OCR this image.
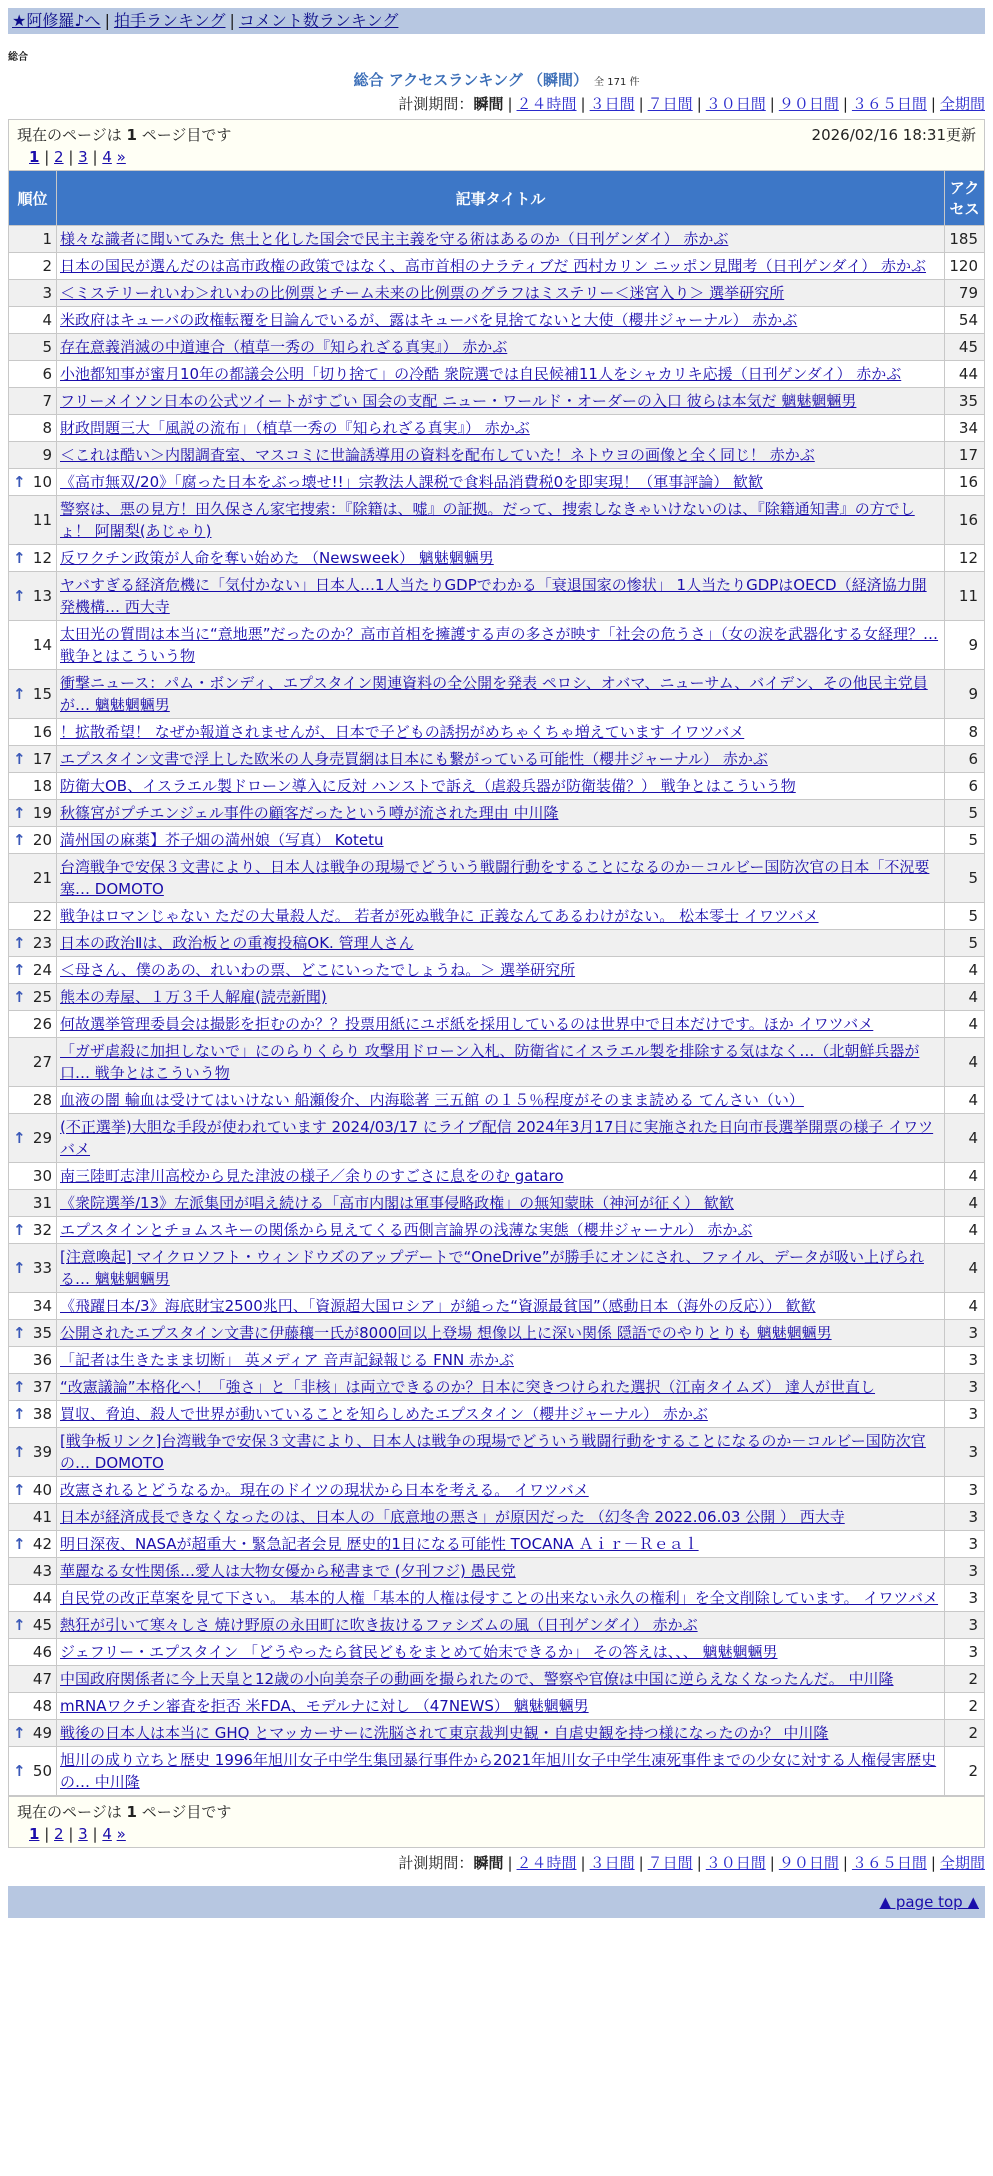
★阿修羅♪へ | 拍手ランキング | コメント数ランキング
総合
総合 アクセスランキング （瞬間） 全 171 件
計測期間：瞬間 | ２４時間 | ３日間 | ７日間 | ３０日間 | ９０日間 | ３６５日間 | 全期間
現在のページは 1 ページ目です	2026/02/16 18:31更新
1 | 2 | 3 | 4 »
順位	記事タイトル	アクセス
1	様々な識者に聞いてみた 焦土と化した国会で民主主義を守る術はあるのか（日刊ゲンダイ） 赤かぶ	185
2	日本の国民が選んだのは高市政権の政策ではなく、高市首相のナラティブだ 西村カリン ニッポン見聞考（日刊ゲンダイ） 赤かぶ	120
3	＜ミステリーれいわ＞れいわの比例票とチーム未来の比例票のグラフはミステリー＜迷宮入り＞ 選挙研究所	79
4	米政府はキューバの政権転覆を目論んでいるが、露はキューバを見捨てないと大使（櫻井ジャーナル） 赤かぶ	54
5	存在意義消滅の中道連合（植草一秀の『知られざる真実』） 赤かぶ	45
6	小池都知事が蜜月10年の都議会公明「切り捨て」の冷酷 衆院選では自民候補11人をシャカリキ応援（日刊ゲンダイ） 赤かぶ	44
7	フリーメイソン日本の公式ツイートがすごい 国会の支配 ニュー・ワールド・オーダーの入口 彼らは本気だ 魑魅魍魎男	35
8	財政問題三大「風説の流布」（植草一秀の『知られざる真実』） 赤かぶ	34
9	＜これは酷い＞内閣調査室、マスコミに世論誘導用の資料を配布していた！ネトウヨの画像と全く同じ！ 赤かぶ	17

↑ 10	《高市無双/20》「腐った日本をぶっ壊せ!!」宗教法人課税で食料品消費税0を即実現！（軍事評論） 歓歓	16
11	警察は、悪の見方！田久保さん家宅捜索：『除籍は、嘘』の証拠。だって、捜索しなきゃいけないのは、『除籍通知書』の方でしょ！ 阿闍梨(あじゃり)	16

↑ 12	反ワクチン政策が人命を奪い始めた （Newsweek） 魑魅魍魎男	12

↑ 13	ヤバすぎる経済危機に「気付かない」日本人…1人当たりGDPでわかる「衰退国家の惨状」 1人当たりGDPはOECD（経済協力開発機構… 西大寺	11
14	太田光の質問は本当に“意地悪”だったのか？高市首相を擁護する声の多さが映す「社会の危うさ」（女の涙を武器化する女経理？… 戦争とはこういう物	9

↑ 15	衝撃ニュース：パム・ボンディ、エプスタイン関連資料の全公開を発表 ペロシ、オバマ、ニューサム、バイデン、その他民主党員が… 魑魅魍魎男	9
16	！拡散希望！ なぜか報道されませんが、日本で子どもの誘拐がめちゃくちゃ増えています イワツバメ	8

↑ 17	エプスタイン文書で浮上した欧米の人身売買網は日本にも繋がっている可能性（櫻井ジャーナル） 赤かぶ	6
18	防衛大OB、イスラエル製ドローン導入に反対 ハンストで訴え（虐殺兵器が防衛装備？） 戦争とはこういう物	6

↑ 19	秋篠宮がプチエンジェル事件の顧客だったという噂が流された理由 中川隆	5

↑ 20	満州国の麻薬】芥子畑の満州娘（写真） Kotetu	5
21	台湾戦争で安保３文書により、日本人は戦争の現場でどういう戦闘行動をすることになるのか－コルビー国防次官の日本「不況要塞… DOMOTO	5
22	戦争はロマンじゃない ただの大量殺人だ。 若者が死ぬ戦争に 正義なんてあるわけがない。 松本零士 イワツバメ	5

↑ 23	日本の政治Ⅱは、政治板との重複投稿OK. 管理人さん	5

↑ 24	＜母さん、僕のあの、れいわの票、どこにいったでしょうね。＞ 選挙研究所	4

↑ 25	熊本の寿屋、１万３千人解雇(読売新聞)	4
26	何故選挙管理委員会は撮影を拒むのか？？投票用紙にユポ紙を採用しているのは世界中で日本だけです。ほか イワツバメ	4
27	「ガザ虐殺に加担しないで」にのらりくらり 攻撃用ドローン入札、防衛省にイスラエル製を排除する気はなく…（北朝鮮兵器が口… 戦争とはこういう物	4
28	血液の闇 輸血は受けてはいけない 船瀬俊介、内海聡著 三五館 の１５％程度がそのまま読める てんさい（い）	4

↑ 29	(不正選挙)大胆な手段が使われています 2024/03/17 にライブ配信 2024年3月17日に実施された日向市長選挙開票の様子 イワツバメ	4
30	南三陸町志津川高校から見た津波の様子／余りのすごさに息をのむ gataro	4
31	《衆院選挙/13》左派集団が唱え続ける「高市内閣は軍事侵略政権」の無知蒙昧（神河が征く） 歓歓	4

↑ 32	エプスタインとチョムスキーの関係から見えてくる西側言論界の浅薄な実態（櫻井ジャーナル） 赤かぶ	4

↑ 33	[注意喚起] マイクロソフト・ウィンドウズのアップデートで“OneDrive”が勝手にオンにされ、ファイル、データが吸い上げられる… 魑魅魍魎男	4
34	《飛躍日本/3》海底財宝2500兆円、「資源超大国ロシア」が縋った“資源最貧国”（感動日本（海外の反応）） 歓歓	4

↑ 35	公開されたエプスタイン文書に伊藤穰一氏が8000回以上登場 想像以上に深い関係 隠語でのやりとりも 魑魅魍魎男	3
36	「記者は生きたまま切断」 英メディア 音声記録報じる FNN 赤かぶ	3

↑ 37	“改憲議論”本格化へ！「強さ」と「非核」は両立できるのか？日本に突きつけられた選択（江南タイムズ） 達人が世直し	3

↑ 38	買収、脅迫、殺人で世界が動いていることを知らしめたエプスタイン（櫻井ジャーナル） 赤かぶ	3

↑ 39	[戦争板リンク]台湾戦争で安保３文書により、日本人は戦争の現場でどういう戦闘行動をすることになるのか－コルビー国防次官の… DOMOTO	3

↑ 40	改憲されるとどうなるか。現在のドイツの現状から日本を考える。 イワツバメ	3
41	日本が経済成長できなくなったのは、日本人の「底意地の悪さ」が原因だった （幻冬舎 2022.06.03 公開 ） 西大寺	3

↑ 42	明日深夜、NASAが超重大・緊急記者会見 歴史的1日になる可能性 TOCANA Ａｉｒ－Ｒｅａｌ	3
43	華麗なる女性関係…愛人は大物女優から秘書まで (夕刊フジ) 愚民党	3
44	自民党の改正草案を見て下さい。 基本的人権「基本的人権は侵すことの出来ない永久の権利」を全文削除しています。 イワツバメ	3

↑ 45	熱狂が引いて寒々しさ 焼け野原の永田町に吹き抜けるファシズムの風（日刊ゲンダイ） 赤かぶ	3
46	ジェフリー・エプスタイン 「どうやったら貧民どもをまとめて始末できるか」 その答えは、、、 魑魅魍魎男	3
47	中国政府関係者に今上天皇と12歳の小向美奈子の動画を撮られたので、警察や官僚は中国に逆らえなくなったんだ。 中川隆	2
48	mRNAワクチン審査を拒否 米FDA、モデルナに対し （47NEWS） 魑魅魍魎男	2

↑ 49	戦後の日本人は本当に GHQ とマッカーサーに洗脳されて東京裁判史観・自虐史観を持つ様になったのか？ 中川隆	2

↑ 50	旭川の成り立ちと歴史 1996年旭川女子中学生集団暴行事件から2021年旭川女子中学生凍死事件までの少女に対する人権侵害歴史の… 中川隆	2
現在のページは 1 ページ目です
1 | 2 | 3 | 4 »
計測期間：瞬間 | ２４時間 | ３日間 | ７日間 | ３０日間 | ９０日間 | ３６５日間 | 全期間
▲ page top ▲
